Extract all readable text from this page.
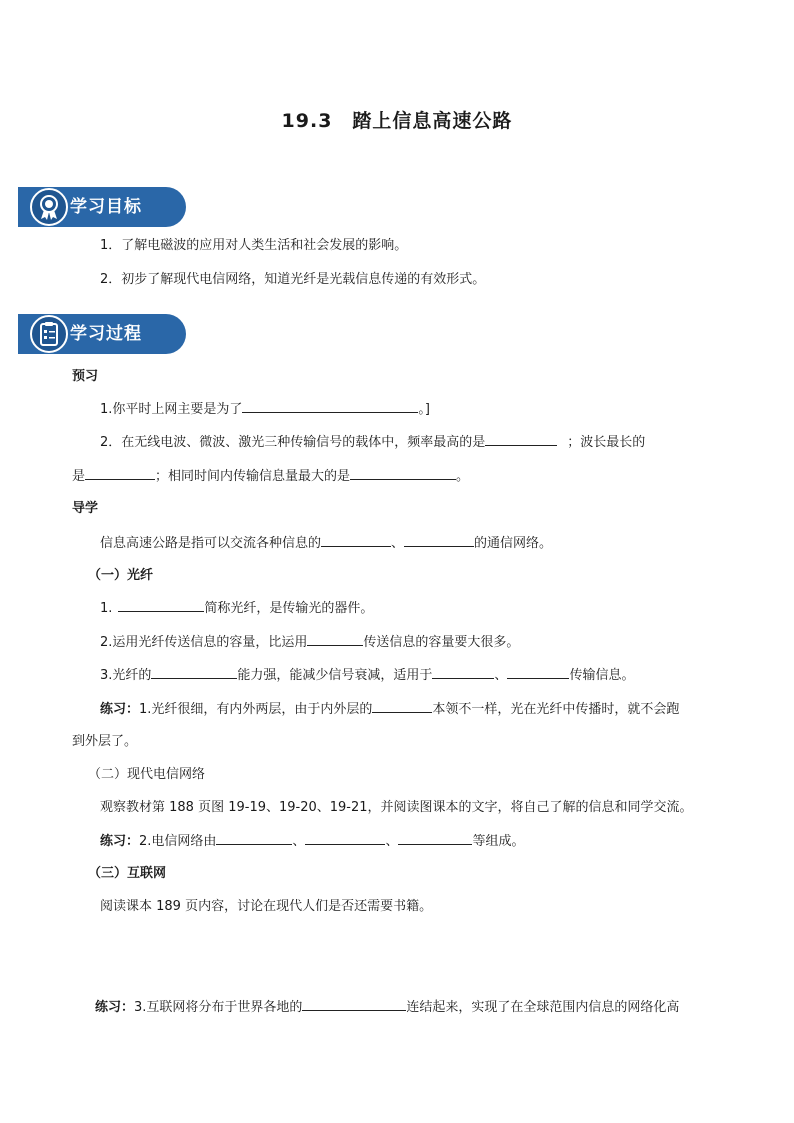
19.3　踏上信息高速公路
学习目标
1．了解电磁波的应用对人类生活和社会发展的影响。
2．初步了解现代电信网络，知道光纤是光载信息传递的有效形式。
学习过程
预习
1.你平时上网主要是为了	。]
2．在无线电波、微波、激光三种传输信号的载体中，频率最高的是	；波长最长的
是	；相同时间内传输信息量最大的是	。
导学
信息高速公路是指可以交流各种信息的	、	的通信网络。
（一）光纤
1.	简称光纤，是传输光的器件。
2.运用光纤传送信息的容量，比运用	传送信息的容量要大很多。
3.光纤的	能力强，能减少信号衰减，适用于	、	传输信息。
练习：1.光纤很细，有内外两层，由于内外层的	本领不一样，光在光纤中传播时，就不会跑
到外层了。
（二）现代电信网络
观察教材第 188 页图 19-19、19-20、19-21，并阅读图课本的文字，将自己了解的信息和同学交流。
练习：2.电信网络由	、	、	等组成。
（三）互联网
阅读课本 189 页内容，讨论在现代人们是否还需要书籍。
练习：3.互联网将分布于世界各地的	连结起来，实现了在全球范围内信息的网络化高
